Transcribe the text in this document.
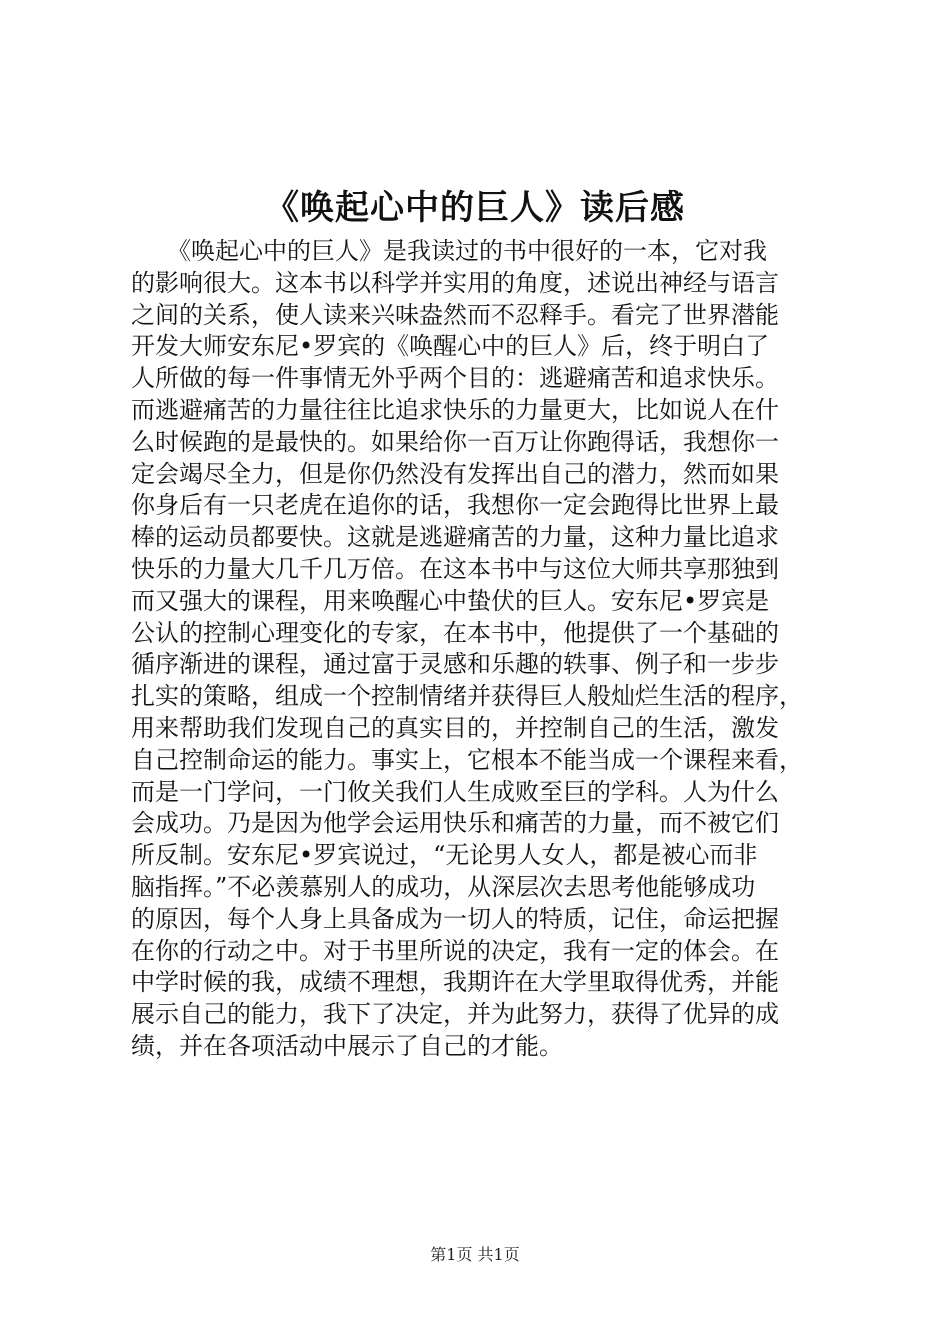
《唤起心中的巨人》读后感
　　《唤起心中的巨人》是我读过的书中很好的一本，它对我
的影响很大。这本书以科学并实用的角度，述说出神经与语言
之间的关系，使人读来兴味盎然而不忍释手。看完了世界潜能
开发大师安东尼•罗宾的《唤醒心中的巨人》后，终于明白了
人所做的每一件事情无外乎两个目的：逃避痛苦和追求快乐。
而逃避痛苦的力量往往比追求快乐的力量更大，比如说人在什
么时候跑的是最快的。如果给你一百万让你跑得话，我想你一
定会竭尽全力，但是你仍然没有发挥出自己的潜力，然而如果
你身后有一只老虎在追你的话，我想你一定会跑得比世界上最
棒的运动员都要快。这就是逃避痛苦的力量，这种力量比追求
快乐的力量大几千几万倍。在这本书中与这位大师共享那独到
而又强大的课程，用来唤醒心中蛰伏的巨人。安东尼•罗宾是
公认的控制心理变化的专家，在本书中，他提供了一个基础的
循序渐进的课程，通过富于灵感和乐趣的轶事、例子和一步步
扎实的策略，组成一个控制情绪并获得巨人般灿烂生活的程序，
用来帮助我们发现自己的真实目的，并控制自己的生活，激发
自己控制命运的能力。事实上，它根本不能当成一个课程来看，
而是一门学问，一门攸关我们人生成败至巨的学科。人为什么
会成功。乃是因为他学会运用快乐和痛苦的力量，而不被它们
所反制。安东尼•罗宾说过，“无论男人女人，都是被心而非
脑指挥。”不必羡慕别人的成功，从深层次去思考他能够成功
的原因，每个人身上具备成为一切人的特质，记住，命运把握
在你的行动之中。对于书里所说的决定，我有一定的体会。在
中学时候的我，成绩不理想，我期许在大学里取得优秀，并能
展示自己的能力，我下了决定，并为此努力，获得了优异的成
绩，并在各项活动中展示了自己的才能。
第1页 共1页
